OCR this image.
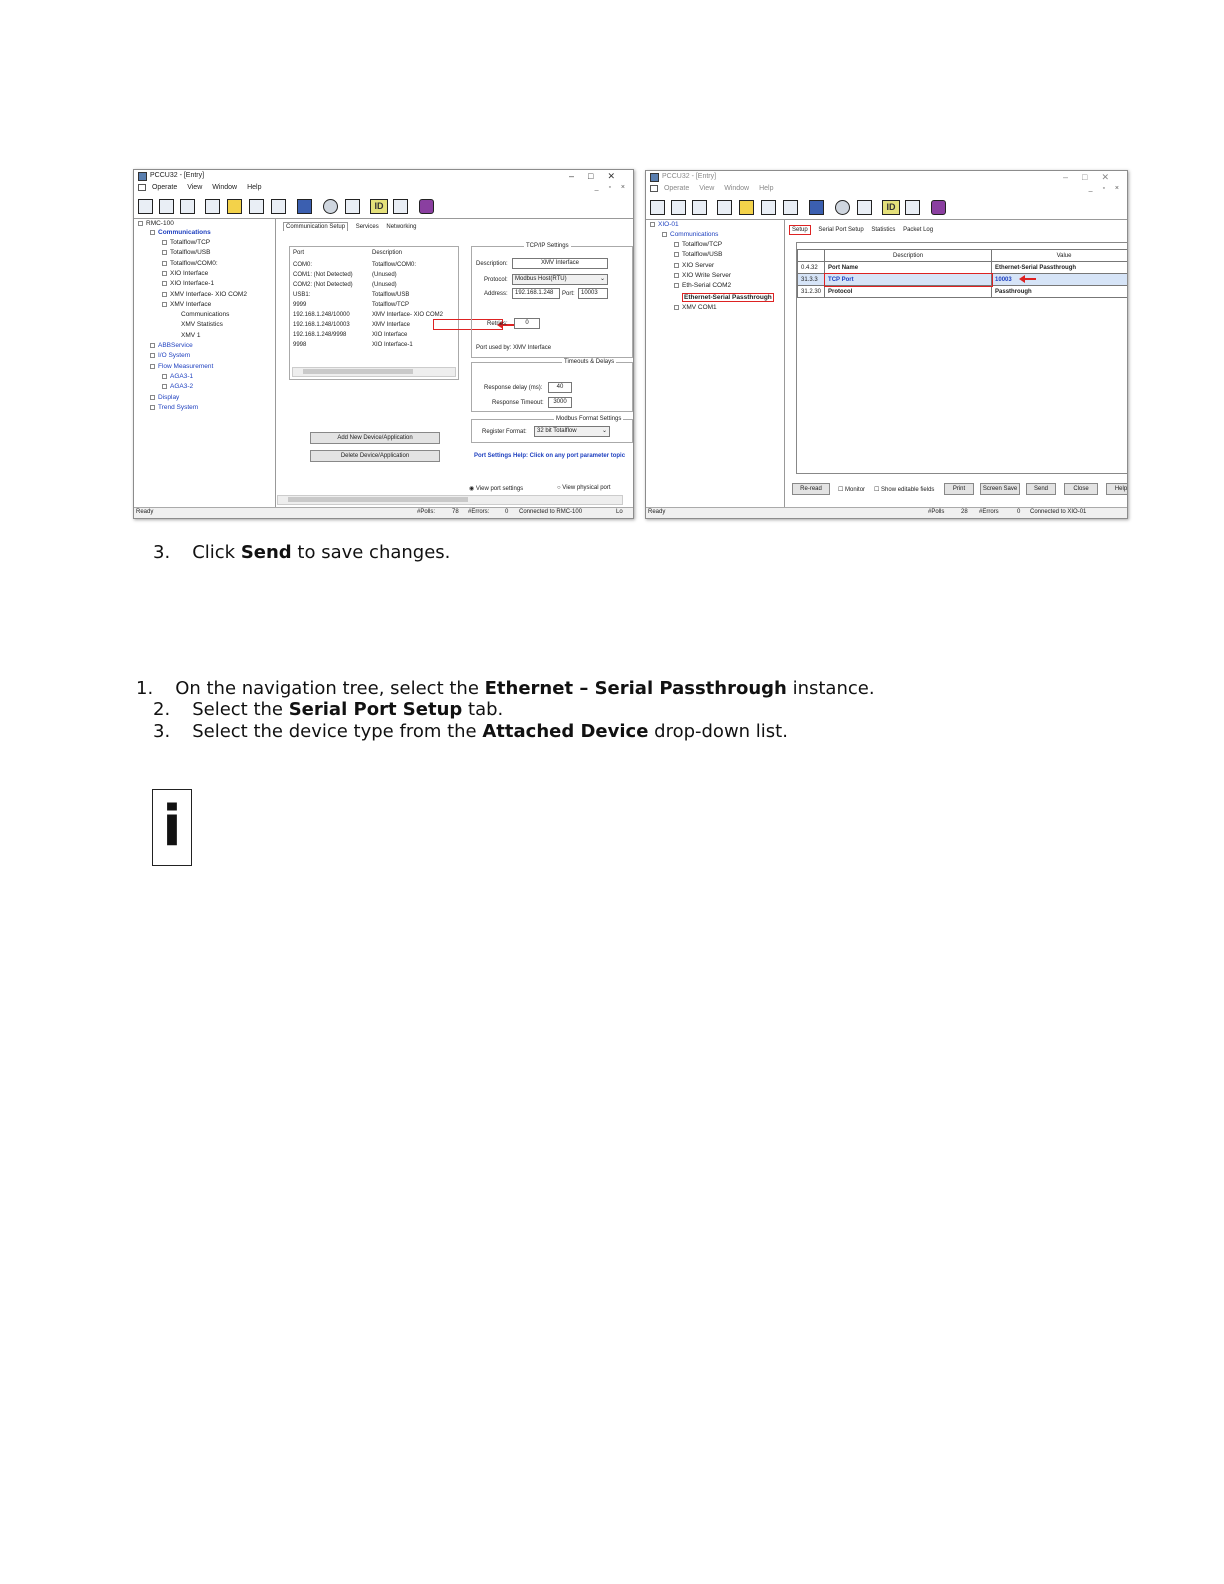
PCCU32 - [Entry]	–□✕
Operate View Window Help	_ ▫ ×
ID
RMC-100
Communications
Totalflow/TCP
Totalflow/USB
Totalflow/COM0:
XIO Interface
XIO Interface-1
XMV Interface- XIO COM2
XMV Interface
Communications
XMV Statistics
XMV 1
ABBService
I/O System
Flow Measurement
AGA3-1
AGA3-2
Display
Trend System
Communication Setup Services Networking
Port	Description
COM0:	Totalflow/COM0:
COM1: (Not Detected)	(Unused)
COM2: (Not Detected)	(Unused)
USB1:	Totalflow/USB
9999	Totalflow/TCP
192.168.1.248/10000	XMV Interface- XIO COM2
192.168.1.248/10003	XMV Interface
192.168.1.248/9998	XIO Interface
9998	XIO Interface-1
TCP/IP Settings
Description:	XMV Interface
Protocol:	Modbus Host(RTU)	⌄
Address:	192.168.1.248	Port:	10003
Retries:	0
Port used by: XMV Interface
Timeouts & Delays
Response delay (ms):	40
Response Timeout:	3000
Modbus Format Settings
Register Format:	32 bit Totalflow	⌄
Add New Device/Application
Delete Device/Application	Port Settings Help: Click on any port parameter topic
◉ View port settings	○ View physical port
Ready	#Polls:	78 #Errors:	0 Connected to RMC-100	Lo
PCCU32 - [Entry]	–□✕
Operate View Window Help	_ ▫ ×
ID
XIO-01
Communications
Totalflow/TCP
Totalflow/USB
XIO Server
XIO Write Server
Eth-Serial COM2
Ethernet-Serial Passthrough
XMV COM1
Setup Serial Port Setup Statistics Packet Log
	Description	Value
0.4.32	Port Name	Ethernet-Serial Passthrough
31.3.3	TCP Port	10003
31.2.30	Protocol	Passthrough
Re-read	☐ Monitor ☐ Show editable fields	Print	Screen Save	Send	Close	Help
Ready	#Polls	28 #Errors	0 Connected to XIO-01
3. Click Send to save changes.
1. On the navigation tree, select the Ethernet – Serial Passthrough instance.
2. Select the Serial Port Setup tab.
3. Select the device type from the Attached Device drop-down list.
i
